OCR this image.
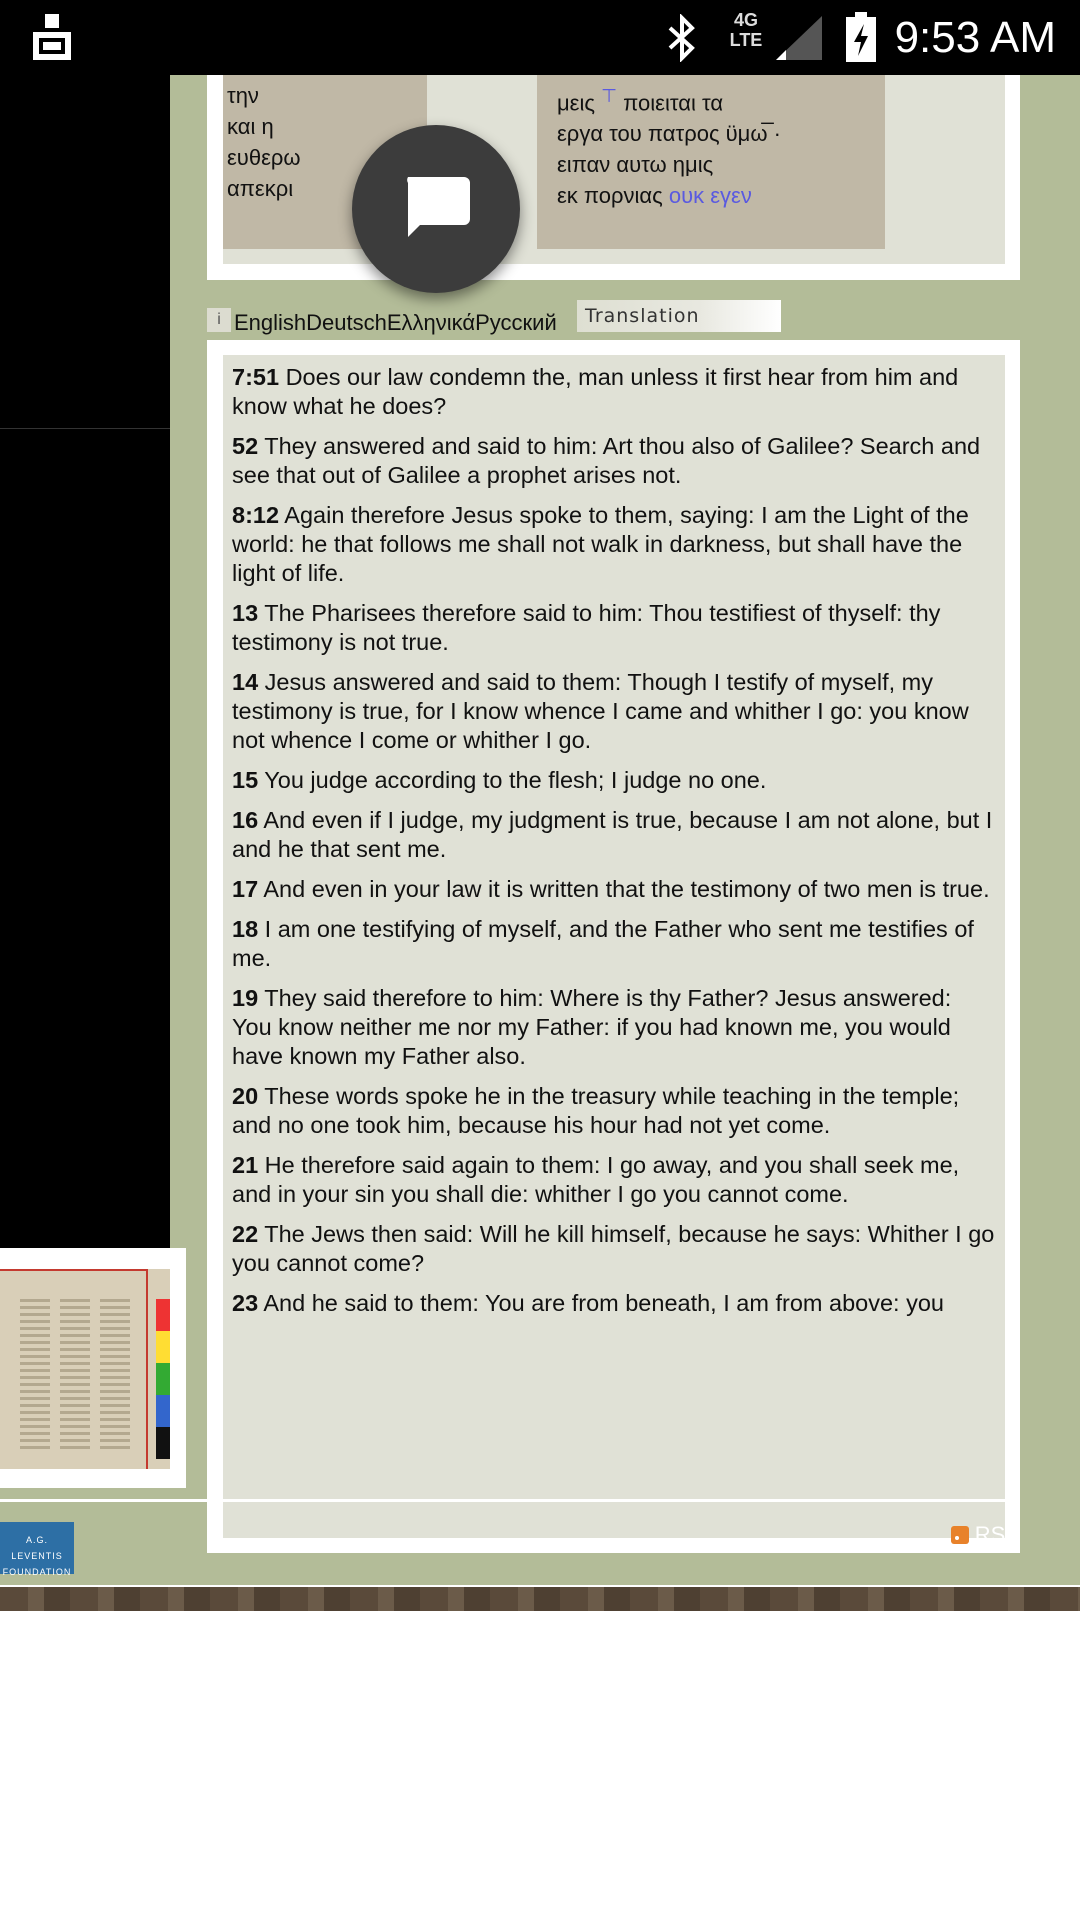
4G
LTE	9:53 AM
την
και η
ευθερω
απεκρι
μεις ⊤ ποιειται τα
εργα του πατρος ϋμω̅ ·
ειπαν αυτω ημις
εκ πορνιας ουκ εγεν
i EnglishDeutschΕλληνικάРусский	Translation

7:51 Does our law condemn the, man unless it first hear from him and know what he does?

52 They answered and said to him: Art thou also of Galilee? Search and see that out of Galilee a prophet arises not.

8:12 Again therefore Jesus spoke to them, saying: I am the Light of the world: he that follows me shall not walk in darkness, but shall have the light of life.

13 The Pharisees therefore said to him: Thou testifiest of thyself: thy testimony is not true.

14 Jesus answered and said to them: Though I testify of myself, my testimony is true, for I know whence I came and whither I go: you know not whence I come or whither I go.

15 You judge according to the flesh; I judge no one.

16 And even if I judge, my judgment is true, because I am not alone, but I and he that sent me.

17 And even in your law it is written that the testimony of two men is true.

18 I am one testifying of myself, and the Father who sent me testifies of me.

19 They said therefore to him: Where is thy Father? Jesus answered: You know neither me nor my Father: if you had known me, you would have known my Father also.

20 These words spoke he in the treasury while teaching in the temple; and no one took him, because his hour had not yet come.

21 He therefore said again to them: I go away, and you shall seek me, and in your sin you shall die: whither I go you cannot come.

22 The Jews then said: Will he kill himself, because he says: Whither I go you cannot come?

23 And he said to them: You are from beneath, I am from above: you

A.G. LEVENTIS
FOUNDATION
RSS
